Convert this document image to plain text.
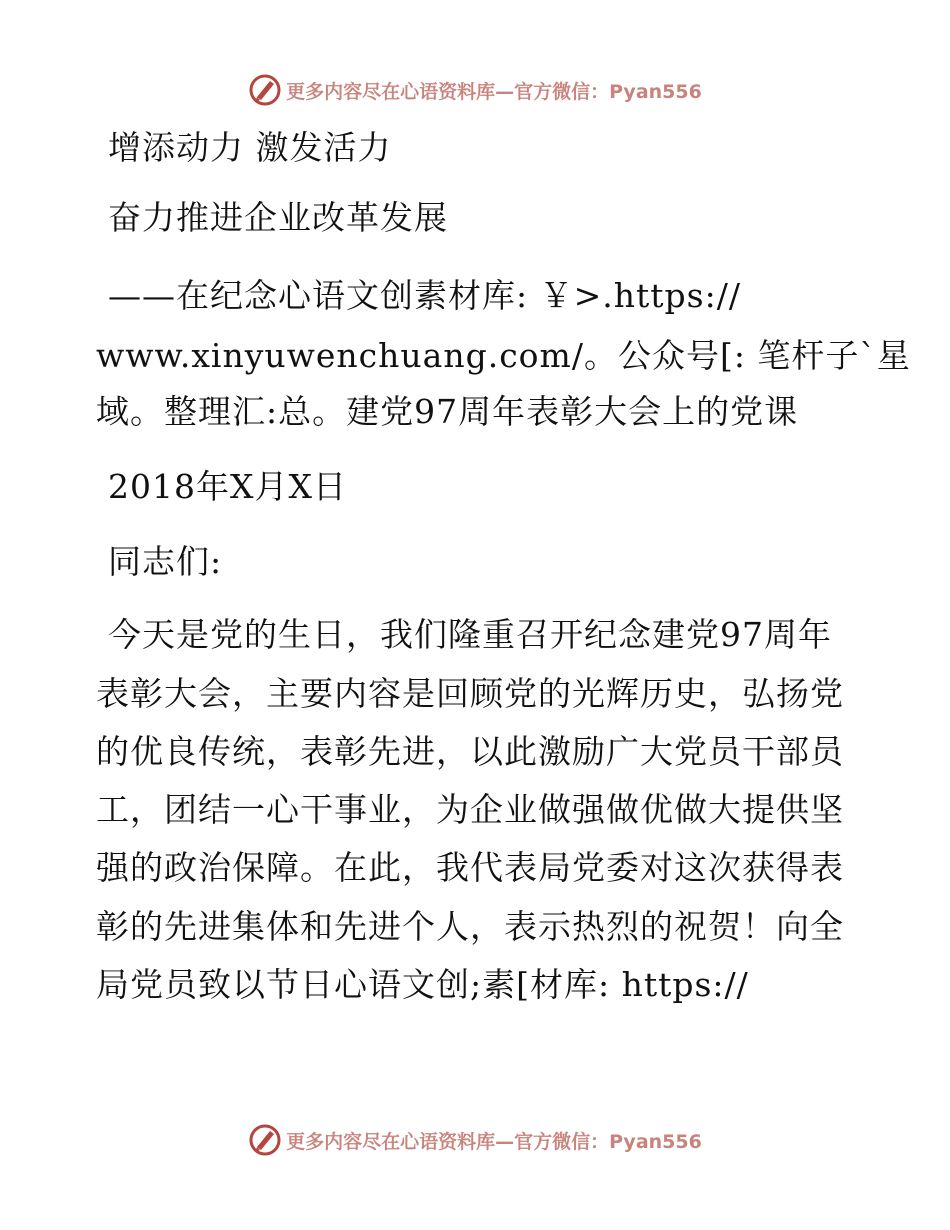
更多内容尽在心语资料库—官方微信：Pyan556
增添动力 激发活力
奋力推进企业改革发展
——在纪念心语文创素材库: ￥>.https://
www.xinyuwenchuang.com/。公众号[: 笔杆子`星
域。整理汇:总。建党97周年表彰大会上的党课
2018年X月X日
同志们:
今天是党的生日，我们隆重召开纪念建党97周年
表彰大会，主要内容是回顾党的光辉历史，弘扬党
的优良传统，表彰先进，以此激励广大党员干部员
工，团结一心干事业，为企业做强做优做大提供坚
强的政治保障。在此，我代表局党委对这次获得表
彰的先进集体和先进个人，表示热烈的祝贺！向全
局党员致以节日心语文创;素[材库: https://
更多内容尽在心语资料库—官方微信：Pyan556
